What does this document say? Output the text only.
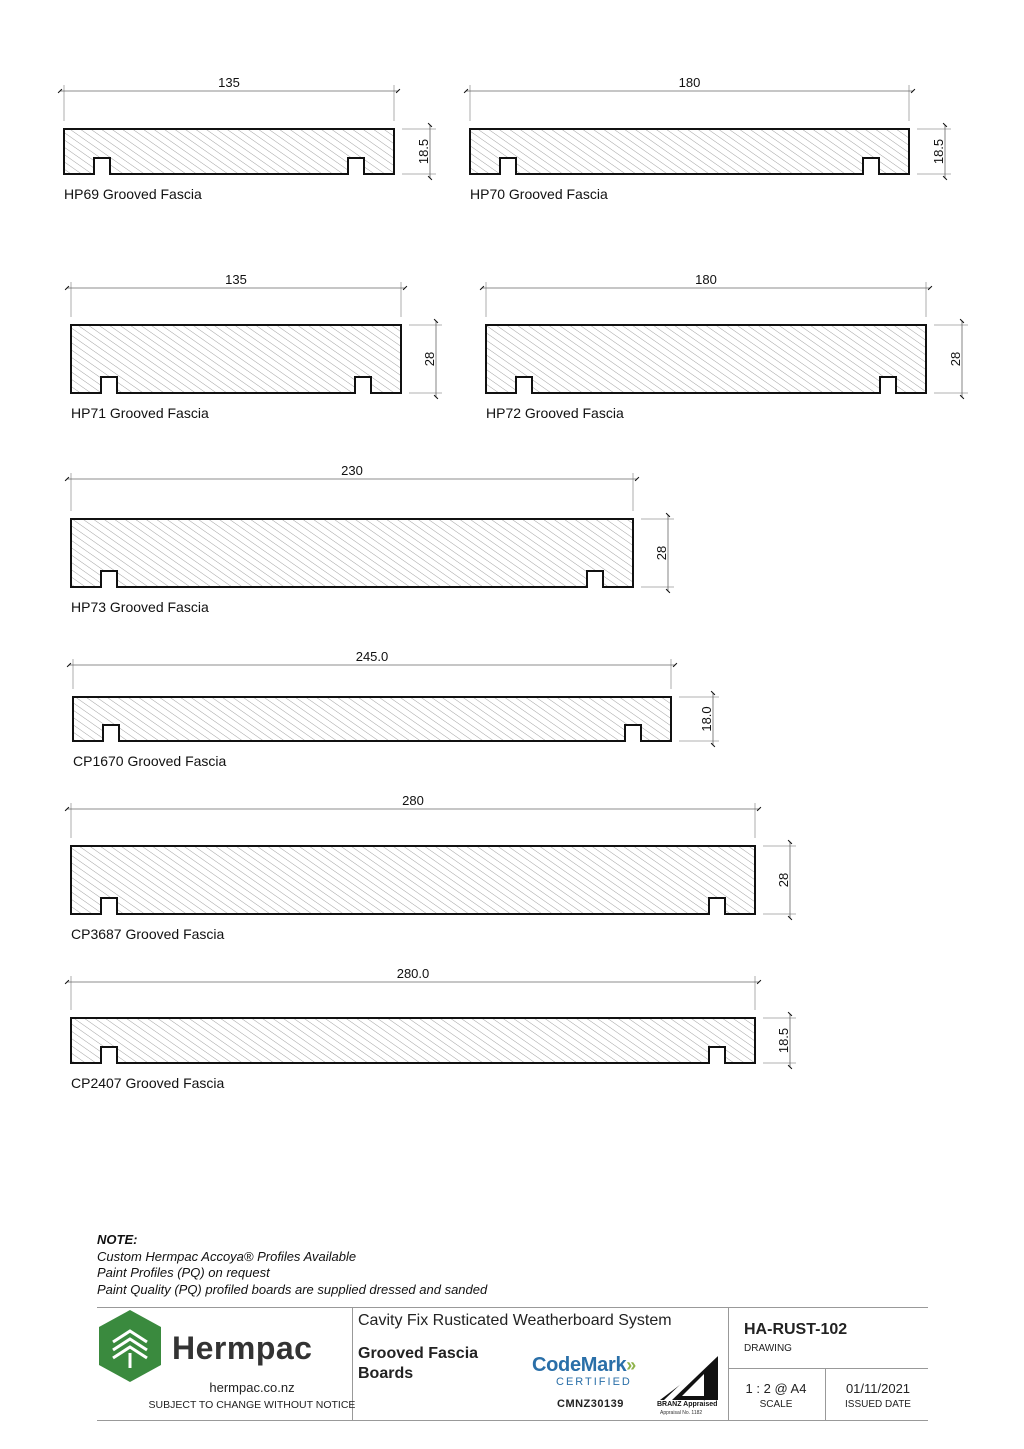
135
18.5
HP69 Grooved Fascia
180
18.5
HP70 Grooved Fascia
135
28
HP71 Grooved Fascia
180
28
HP72 Grooved Fascia
230
28
HP73 Grooved Fascia
245.0
18.0
CP1670 Grooved Fascia
280
28
CP3687 Grooved Fascia
280.0
18.5
CP2407 Grooved Fascia
NOTE:
Custom Hermpac Accoya® Profiles Available
Paint Profiles (PQ) on request
Paint Quality (PQ) profiled boards are supplied dressed and sanded
Hermpac
hermpac.co.nz
SUBJECT TO CHANGE WITHOUT NOTICE
Cavity Fix Rusticated Weatherboard System
Grooved Fascia Boards	CodeMark»
CERTIFIED
CMNZ30139	BRANZ Appraised
Appraisal No. 1182
HA-RUST-102
DRAWING
1 : 2 @ A4
SCALE
01/11/2021
ISSUED DATE
